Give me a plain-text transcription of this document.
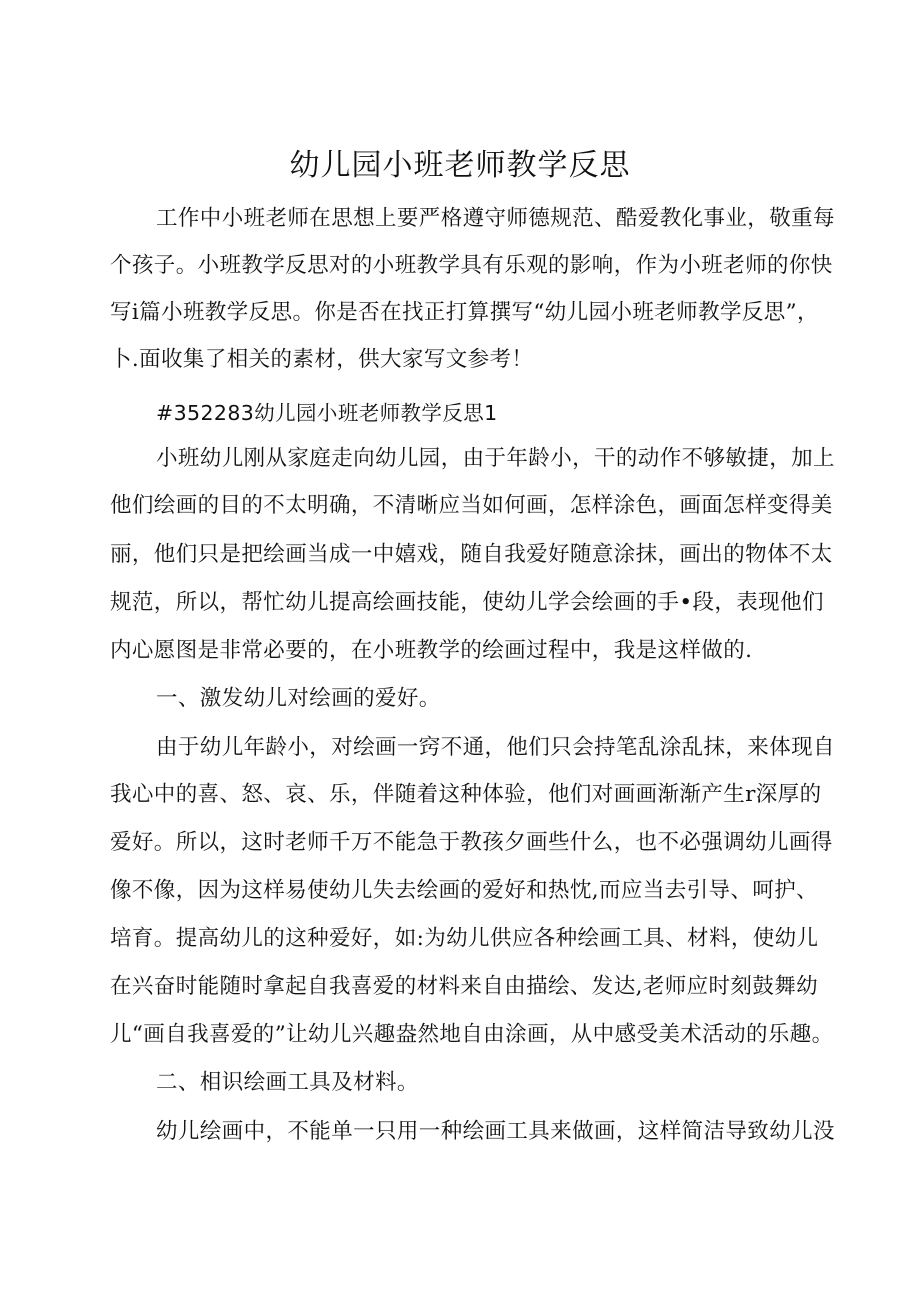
幼儿园小班老师教学反思
工作中小班老师在思想上要严格遵守师德规范、酷爱教化事业，敬重每
个孩子。小班教学反思对的小班教学具有乐观的影响，作为小班老师的你快
写i篇小班教学反思。你是否在找正打算撰写“幼儿园小班老师教学反思”，
卜.面收集了相关的素材，供大家写文参考！
#352283幼儿园小班老师教学反思1
小班幼儿刚从家庭走向幼儿园，由于年龄小，干的动作不够敏捷，加上
他们绘画的目的不太明确，不清晰应当如何画，怎样涂色，画面怎样变得美
丽，他们只是把绘画当成一中嬉戏，随自我爱好随意涂抹，画出的物体不太
规范，所以，帮忙幼儿提高绘画技能，使幼儿学会绘画的手•段，表现他们
内心愿图是非常必要的，在小班教学的绘画过程中，我是这样做的.
一、激发幼儿对绘画的爱好。
由于幼儿年龄小，对绘画一窍不通，他们只会持笔乱涂乱抹，来体现自
我心中的喜、怒、哀、乐，伴随着这种体验，他们对画画渐渐产生r深厚的
爱好。所以，这时老师千万不能急于教孩夕画些什么，也不必强调幼儿画得
像不像，因为这样易使幼儿失去绘画的爱好和热忱,而应当去引导、呵护、
培育。提高幼儿的这种爱好，如:为幼儿供应各种绘画工具、材料，使幼儿
在兴奋时能随时拿起自我喜爱的材料来自由描绘、发达,老师应时刻鼓舞幼
儿“画自我喜爱的”让幼儿兴趣盎然地自由涂画，从中感受美术活动的乐趣。
二、相识绘画工具及材料。
幼儿绘画中，不能单一只用一种绘画工具来做画，这样简洁导致幼儿没
